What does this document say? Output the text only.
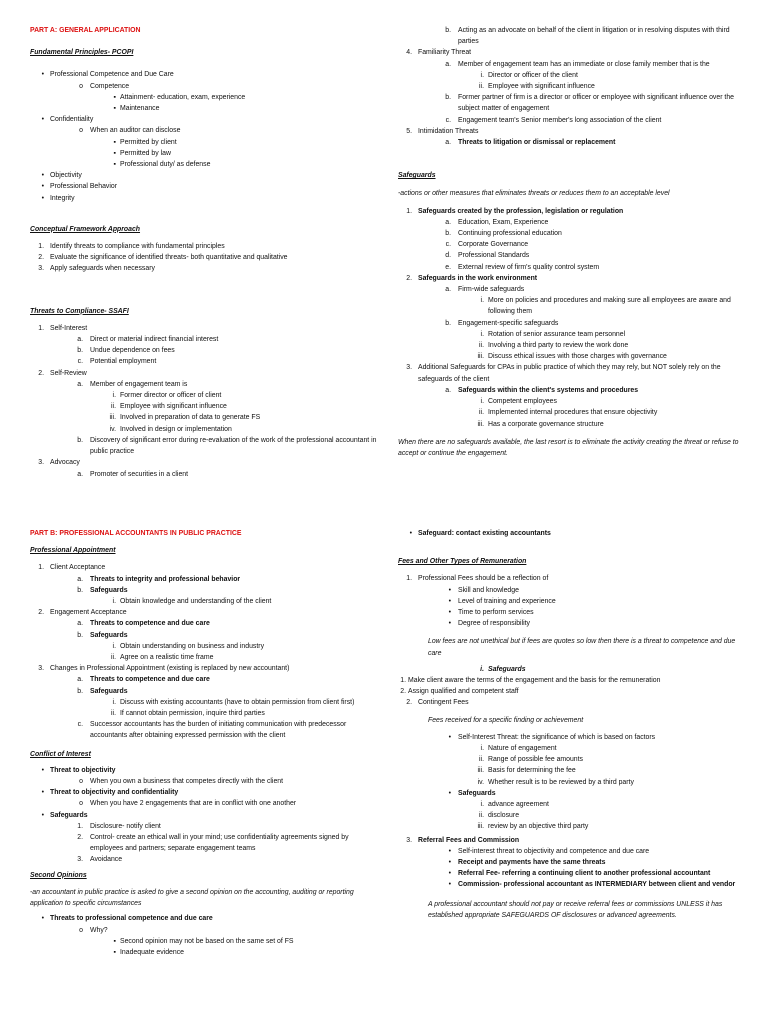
PART A: GENERAL APPLICATION
Fundamental Principles- PCOPI
• Professional Competence and Due Care
o Competence
▪ Attainment- education, exam, experience
▪ Maintenance
• Confidentiality
o When an auditor can disclose
▪ Permitted by client
▪ Permitted by law
▪ Professional duty/ as defense
• Objectivity
• Professional Behavior
• Integrity
Conceptual Framework Approach
1. Identify threats to compliance with fundamental principles
2. Evaluate the significance of identified threats- both quantitative and qualitative
3. Apply safeguards when necessary
Threats to Compliance- SSAFI
1. Self-Interest
a. Direct or material indirect financial interest
b. Undue dependence on fees
c. Potential employment
2. Self-Review
a. Member of engagement team is
i. Former director or officer of client
ii. Employee with significant influence
iii. Involved in preparation of data to generate FS
iv. Involved in design or implementation
b. Discovery of significant error during re-evaluation of the work of the professional accountant in public practice
3. Advocacy
a. Promoter of securities in a client
b. Acting as an advocate on behalf of the client in litigation or in resolving disputes with third parties
4. Familiarity Threat
a. Member of engagement team has an immediate or close family member that is the
i. Director or officer of the client
ii. Employee with significant influence
b. Former partner of firm is a director or officer or employee with significant influence over the subject matter of engagement
c. Engagement team's Senior member's long association of the client
5. Intimidation Threats
a. Threats to litigation or dismissal or replacement
Safeguards
-actions or other measures that eliminates threats or reduces them to an acceptable level
1. Safeguards created by the profession, legislation or regulation
a. Education, Exam, Experience
b. Continuing professional education
c. Corporate Governance
d. Professional Standards
e. External review of firm's quality control system
2. Safeguards in the work environment
a. Firm-wide safeguards
i. More on policies and procedures and making sure all employees are aware and following them
b. Engagement-specific safeguards
i. Rotation of senior assurance team personnel
ii. Involving a third party to review the work done
iii. Discuss ethical issues with those charges with governance
3. Additional Safeguards for CPAs in public practice of which they may rely, but NOT solely rely on the safeguards of the client
a. Safeguards within the client's systems and procedures
i. Competent employees
ii. Implemented internal procedures that ensure objectivity
iii. Has a corporate governance structure
When there are no safeguards available, the last resort is to eliminate the activity creating the threat or refuse to accept or continue the engagement.
PART B: PROFESSIONAL ACCOUNTANTS IN PUBLIC PRACTICE
Professional Appointment
1. Client Acceptance
a. Threats to integrity and professional behavior
b. Safeguards
i. Obtain knowledge and understanding of the client
2. Engagement Acceptance
a. Threats to competence and due care
b. Safeguards
i. Obtain understanding on business and industry
ii. Agree on a realistic time frame
3. Changes in Professional Appointment (existing is replaced by new accountant)
a. Threats to competence and due care
b. Safeguards
i. Discuss with existing accountants (have to obtain permission from client first)
ii. If cannot obtain permission, inquire third parties
c. Successor accountants has the burden of initiating communication with predecessor accountants after obtaining expressed permission with the client
Conflict of Interest
• Threat to objectivity
o When you own a business that competes directly with the client
• Threat to objectivity and confidentiality
o When you have 2 engagements that are in conflict with one another
• Safeguards
1. Disclosure- notify client
2. Control- create an ethical wall in your mind; use confidentiality agreements signed by employees and partners; separate engagement teams
3. Avoidance
Second Opinions
-an accountant in public practice is asked to give a second opinion on the accounting, auditing or reporting application to specific circumstances
• Threats to professional competence and due care
o Why?
▪ Second opinion may not be based on the same set of FS
▪ Inadequate evidence
• Safeguard: contact existing accountants
Fees and Other Types of Remuneration
1. Professional Fees should be a reflection of
• Skill and knowledge
• Level of training and experience
• Time to perform services
• Degree of responsibility
Low fees are not unethical but if fees are quotes so low then there is a threat to competence and due care
i. Safeguards
1. Make client aware the terms of the engagement and the basis for the remuneration
2. Assign qualified and competent staff
2. Contingent Fees
Fees received for a specific finding or achievement
• Self-Interest Threat: the significance of which is based on factors
i. Nature of engagement
ii. Range of possible fee amounts
iii. Basis for determining the fee
iv. Whether result is to be reviewed by a third party
• Safeguards
i. advance agreement
ii. disclosure
iii. review by an objective third party
3. Referral Fees and Commission
• Self-interest threat to objectivity and competence and due care
• Receipt and payments have the same threats
• Referral Fee- referring a continuing client to another professional accountant
• Commission- professional accountant as INTERMEDIARY between client and vendor
A professional accountant should not pay or receive referral fees or commissions UNLESS it has established appropriate SAFEGUARDS OF disclosures or advanced agreements.
